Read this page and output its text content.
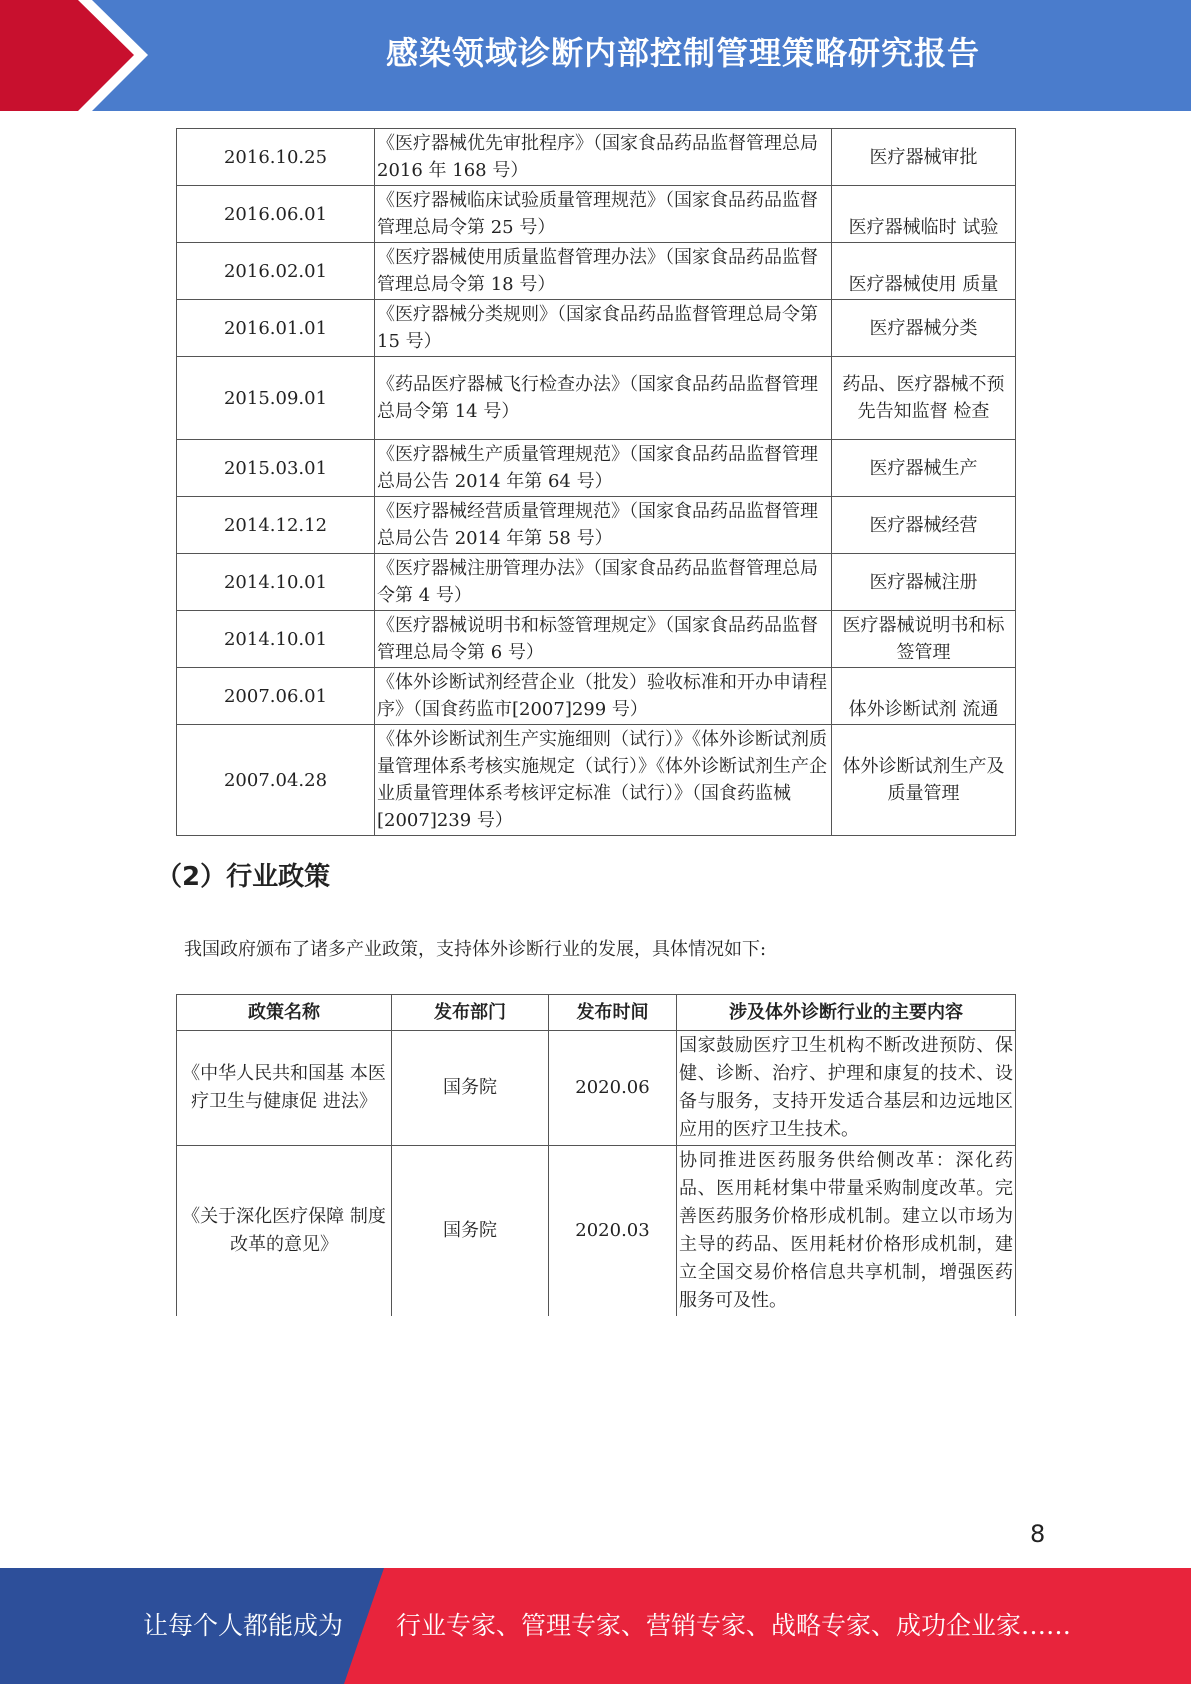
感染领域诊断内部控制管理策略研究报告
2016.10.25	《医疗器械优先审批程序》（国家食品药品监督管理总局 2016 年 168 号）	医疗器械审批
2016.06.01	《医疗器械临床试验质量管理规范》（国家食品药品监督管理总局令第 25 号）	医疗器械临时 试验
2016.02.01	《医疗器械使用质量监督管理办法》（国家食品药品监督管理总局令第 18 号）	医疗器械使用 质量
2016.01.01	《医疗器械分类规则》（国家食品药品监督管理总局令第 15 号）	医疗器械分类
2015.09.01	《药品医疗器械飞行检查办法》（国家食品药品监督管理总局令第 14 号）	药品、医疗器械不预先告知监督 检查
2015.03.01	《医疗器械生产质量管理规范》（国家食品药品监督管理总局公告 2014 年第 64 号）	医疗器械生产
2014.12.12	《医疗器械经营质量管理规范》（国家食品药品监督管理总局公告 2014 年第 58 号）	医疗器械经营
2014.10.01	《医疗器械注册管理办法》（国家食品药品监督管理总局令第 4 号）	医疗器械注册
2014.10.01	《医疗器械说明书和标签管理规定》（国家食品药品监督管理总局令第 6 号）	医疗器械说明书和标签管理
2007.06.01	《体外诊断试剂经营企业（批发）验收标准和开办申请程序》（国食药监市[2007]299 号）	体外诊断试剂 流通
2007.04.28	《体外诊断试剂生产实施细则（试行）》《体外诊断试剂质量管理体系考核实施规定（试行）》《体外诊断试剂生产企业质量管理体系考核评定标准（试行）》（国食药监械[2007]239 号）	体外诊断试剂生产及质量管理
（2）行业政策
我国政府颁布了诸多产业政策，支持体外诊断行业的发展，具体情况如下:
政策名称	发布部门	发布时间	涉及体外诊断行业的主要内容
《中华人民共和国基 本医疗卫生与健康促 进法》	国务院	2020.06	国家鼓励医疗卫生机构不断改进预防、保健、诊断、治疗、护理和康复的技术、设备与服务，支持开发适合基层和边远地区应用的医疗卫生技术。
《关于深化医疗保障 制度改革的意见》	国务院	2020.03	协同推进医药服务供给侧改革：深化药品、医用耗材集中带量采购制度改革。完善医药服务价格形成机制。建立以市场为主导的药品、医用耗材价格形成机制，建立全国交易价格信息共享机制，增强医药服务可及性。
8
让每个人都能成为 行业专家、管理专家、营销专家、战略专家、成功企业家……
